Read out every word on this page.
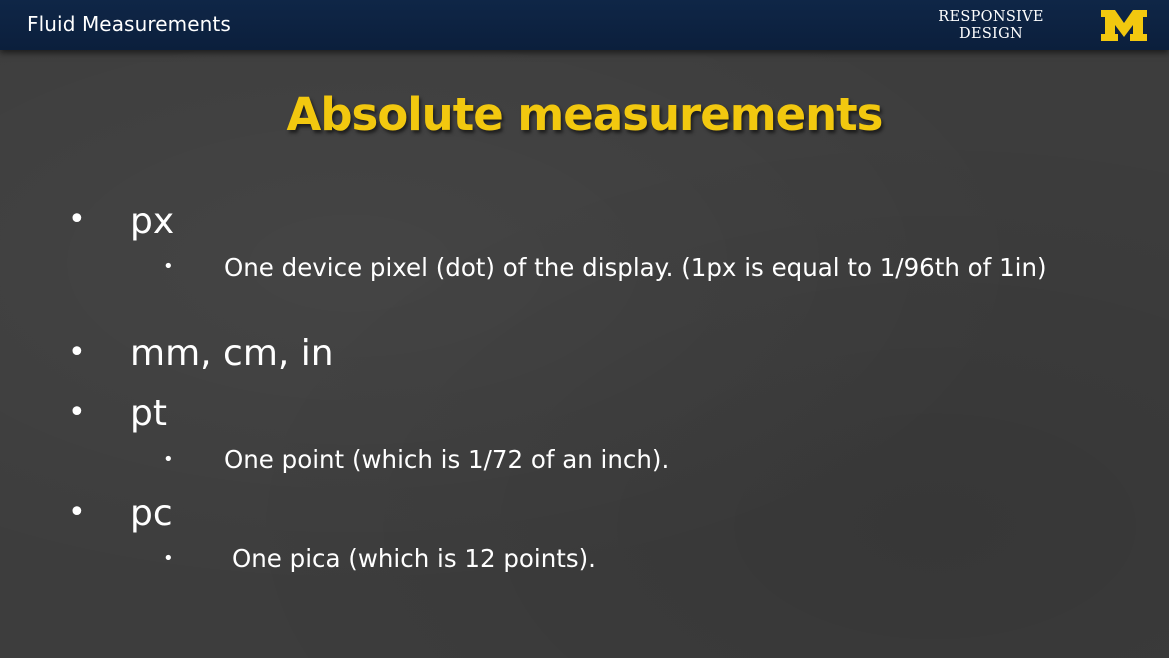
Fluid Measurements	RESPONSIVE
DESIGN
Absolute measurements
• px
• One device pixel (dot) of the display. (1px is equal to 1/96th of 1in)
• mm, cm, in
• pt
• One point (which is 1/72 of an inch).
• pc
• One pica (which is 12 points).
